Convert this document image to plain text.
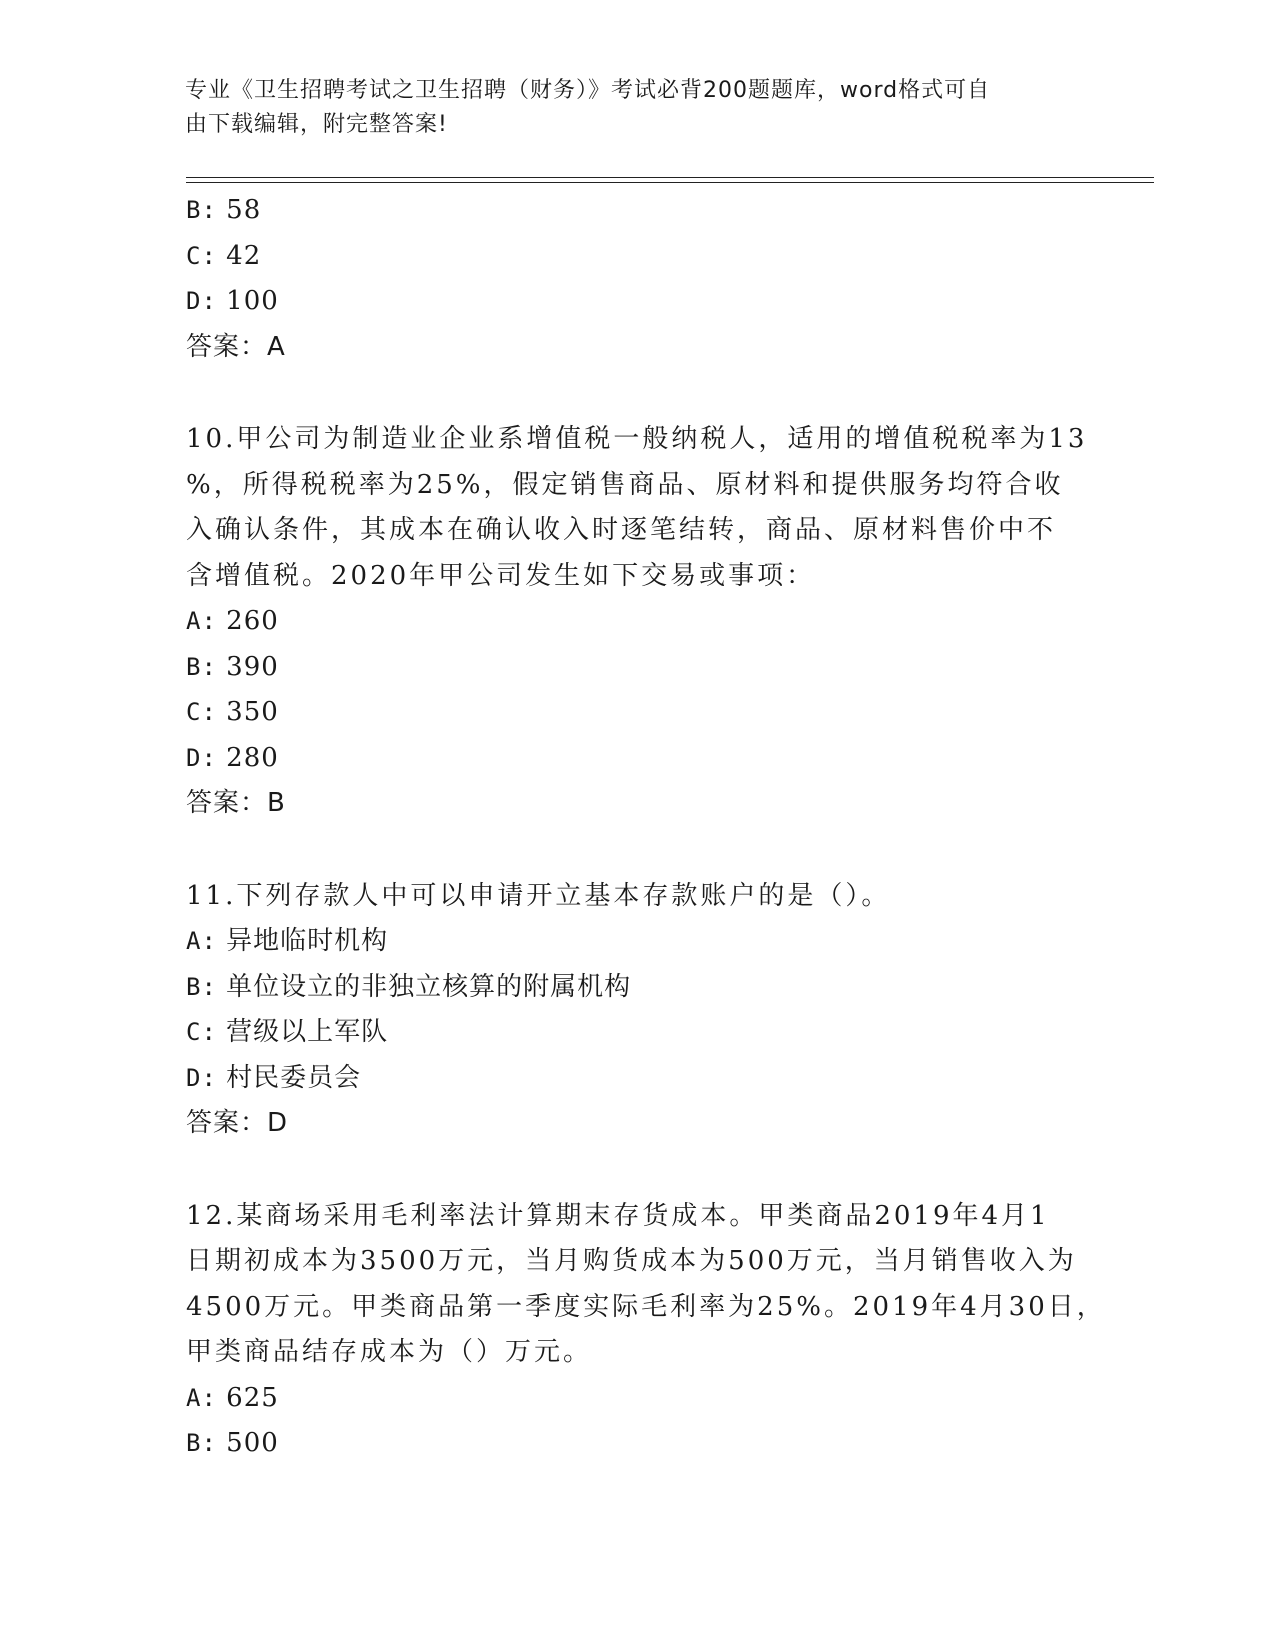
专业《卫生招聘考试之卫生招聘（财务）》考试必背200题题库，word格式可自
由下载编辑，附完整答案!
B: 58
C: 42
D: 100
答案：A
10.甲公司为制造业企业系增值税一般纳税人，适用的增值税税率为13
%，所得税税率为25%，假定销售商品、原材料和提供服务均符合收
入确认条件，其成本在确认收入时逐笔结转，商品、原材料售价中不
含增值税。2020年甲公司发生如下交易或事项：
A: 260
B: 390
C: 350
D: 280
答案：B
11.下列存款人中可以申请开立基本存款账户的是（）。
A: 异地临时机构
B: 单位设立的非独立核算的附属机构
C: 营级以上军队
D: 村民委员会
答案：D
12.某商场采用毛利率法计算期末存货成本。甲类商品2019年4月1
日期初成本为3500万元，当月购货成本为500万元，当月销售收入为
4500万元。甲类商品第一季度实际毛利率为25%。2019年4月30日，
甲类商品结存成本为（）万元。
A: 625
B: 500
